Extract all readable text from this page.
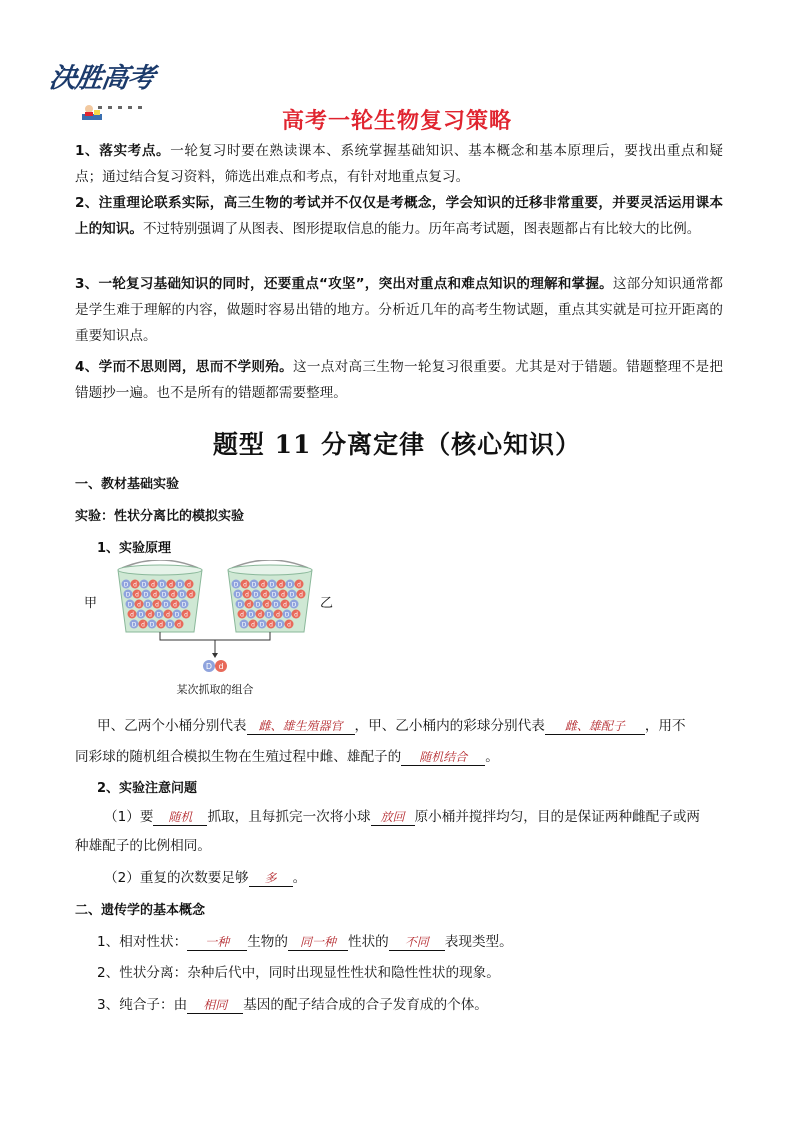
決胜高考
高考一轮生物复习策略
1、落实考点。一轮复习时要在熟读课本、系统掌握基础知识、基本概念和基本原理后，要找出重点和疑点；通过结合复习资料，筛选出难点和考点，有针对地重点复习。
2、注重理论联系实际，高三生物的考试并不仅仅是考概念，学会知识的迁移非常重要，并要灵活运用课本上的知识。不过特别强调了从图表、图形提取信息的能力。历年高考试题，图表题都占有比较大的比例。
3、一轮复习基础知识的同时，还要重点“攻坚”，突出对重点和难点知识的理解和掌握。这部分知识通常都是学生难于理解的内容，做题时容易出错的地方。分析近几年的高考生物试题，重点其实就是可拉开距离的重要知识点。
4、学而不思则罔，思而不学则殆。这一点对高三生物一轮复习很重要。尤其是对于错题。错题整理不是把错题抄一遍。也不是所有的错题都需要整理。
题型 11 分离定律（核心知识）
一、教材基础实验
实验：性状分离比的模拟实验
1、实验原理
甲	乙
D d D d D d D d
D d D d D d D d
D d D d D d D
d D d D d D d
D d D d D d
D d D d D d D d
D d D d D d D d
D d D d D d D
d D d D d D d
D d D d D d
D d
某次抓取的组合
甲、乙两个小桶分别代表 雌、雄生殖器官 ，甲、乙小桶内的彩球分别代表 雌、雄配子 ，用不
同彩球的随机组合模拟生物在生殖过程中雌、雄配子的 随机结合 。
2、实验注意问题
（1）要 随机 抓取，且每抓完一次将小球 放回 原小桶并搅拌均匀，目的是保证两种雌配子或两
种雄配子的比例相同。
（2）重复的次数要足够 多 。
二、遗传学的基本概念
1、相对性状： 一种 生物的 同一种 性状的 不同 表现类型。
2、性状分离：杂种后代中，同时出现显性性状和隐性性状的现象。
3、纯合子：由 相同 基因的配子结合成的合子发育成的个体。
